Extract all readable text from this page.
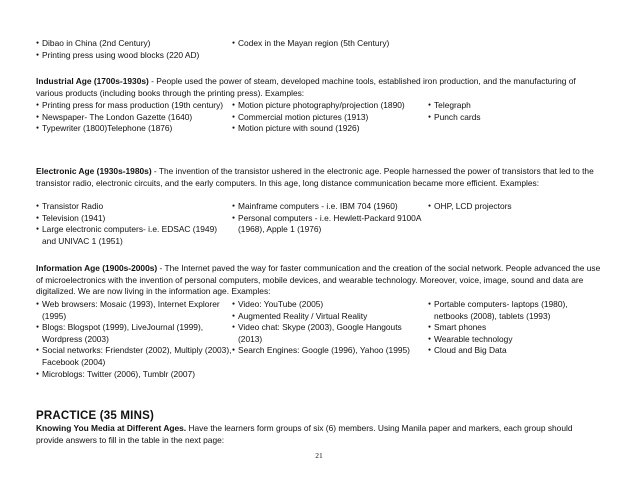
● Dibao in China (2nd Century)
● Printing press using wood blocks (220 AD)
● Codex in the Mayan region (5th Century)
Industrial Age (1700s-1930s) - People used the power of steam, developed machine tools, established iron production, and the manufacturing of various products (including books through the printing press). Examples:
● Printing press for mass production (19th century)
● Newspaper- The London Gazette (1640)
● Typewriter (1800)Telephone (1876)
● Motion picture photography/projection (1890)
● Commercial motion pictures (1913)
● Motion picture with sound (1926)
● Telegraph
● Punch cards
Electronic Age (1930s-1980s) - The invention of the transistor ushered in the electronic age. People harnessed the power of transistors that led to the transistor radio, electronic circuits, and the early computers. In this age, long distance communication became more efficient. Examples:
● Transistor Radio
● Television (1941)
● Large electronic computers- i.e. EDSAC (1949) and UNIVAC 1 (1951)
● Mainframe computers - i.e. IBM 704 (1960)
● Personal computers - i.e. Hewlett-Packard 9100A (1968), Apple 1 (1976)
● OHP, LCD projectors
Information Age (1900s-2000s) - The Internet paved the way for faster communication and the creation of the social network. People advanced the use of microelectronics with the invention of personal computers, mobile devices, and wearable technology. Moreover, voice, image, sound and data are digitalized. We are now living in the information age. Examples:
● Web browsers: Mosaic (1993), Internet Explorer (1995)
● Blogs: Blogspot (1999), LiveJournal (1999), Wordpress (2003)
● Social networks: Friendster (2002), Multiply (2003), Facebook (2004)
● Microblogs: Twitter (2006), Tumblr (2007)
● Video: YouTube (2005)
● Augmented Reality / Virtual Reality
● Video chat: Skype (2003), Google Hangouts (2013)
● Search Engines: Google (1996), Yahoo (1995)
● Portable computers- laptops (1980), netbooks (2008), tablets (1993)
● Smart phones
● Wearable technology
● Cloud and Big Data
PRACTICE (35 MINS)
Knowing You Media at Different Ages. Have the learners form groups of six (6) members. Using Manila paper and markers, each group should provide answers to fill in the table in the next page:
21
